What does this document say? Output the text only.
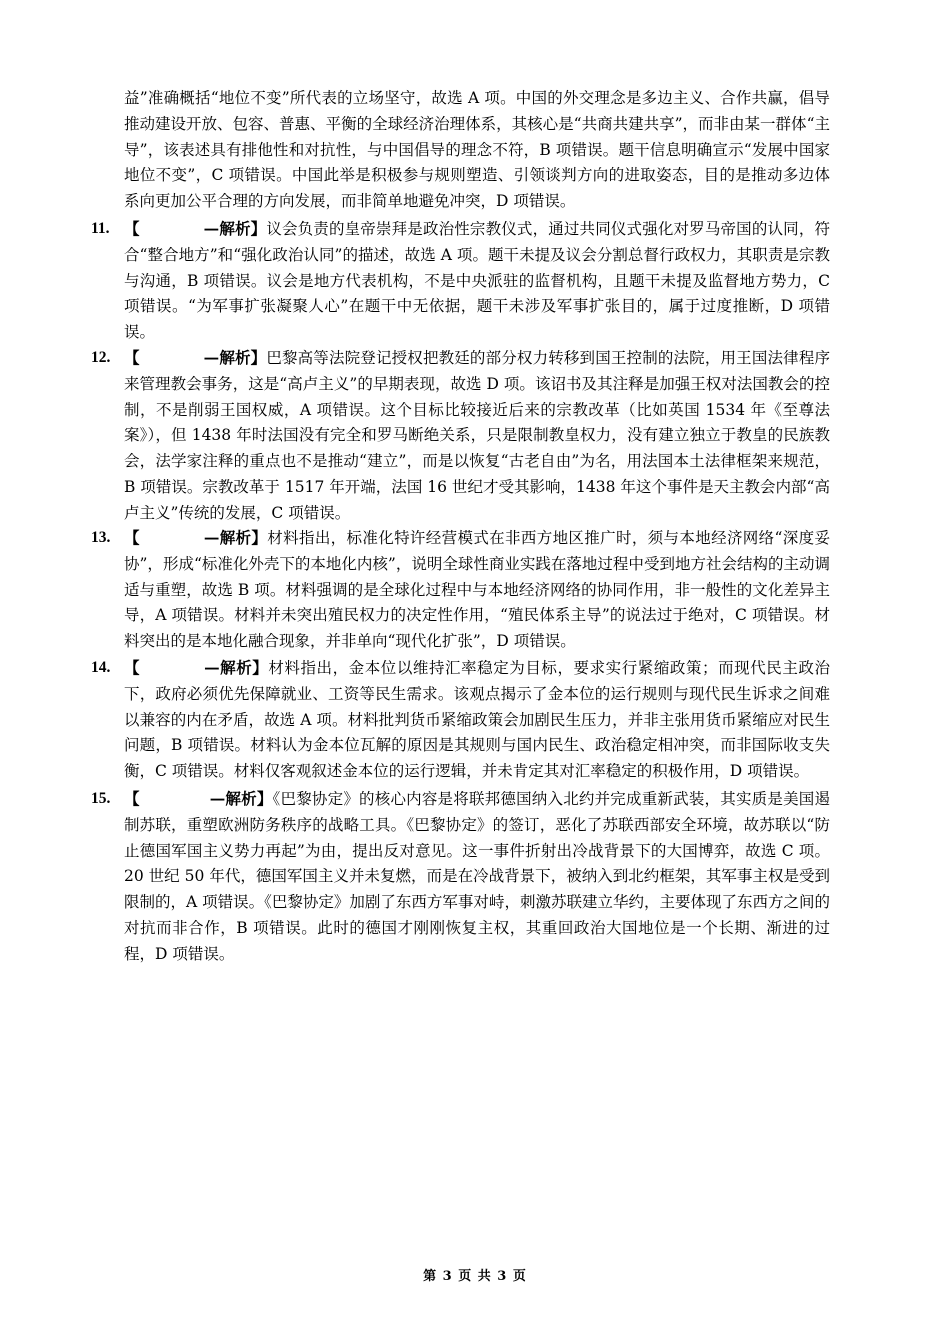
益”准确概括“地位不变”所代表的立场坚守，故选 A 项。中国的外交理念是多边主义、合作共赢，倡导推动建设开放、包容、普惠、平衡的全球经济治理体系，其核心是“共商共建共享”，而非由某一群体“主导”，该表述具有排他性和对抗性，与中国倡导的理念不符，B 项错误。题干信息明确宣示“发展中国家地位不变”，C 项错误。中国此举是积极参与规则塑造、引领谈判方向的进取姿态，目的是推动多边体系向更加公平合理的方向发展，而非简单地避免冲突，D 项错误。

11. 【	—解析】议会负责的皇帝崇拜是政治性宗教仪式，通过共同仪式强化对罗马帝国的认同，符合“整合地方”和“强化政治认同”的描述，故选 A 项。题干未提及议会分割总督行政权力，其职责是宗教与沟通，B 项错误。议会是地方代表机构，不是中央派驻的监督机构，且题干未提及监督地方势力，C 项错误。“为军事扩张凝聚人心”在题干中无依据，题干未涉及军事扩张目的，属于过度推断，D 项错误。

12. 【	—解析】巴黎高等法院登记授权把教廷的部分权力转移到国王控制的法院，用王国法律程序来管理教会事务，这是“高卢主义”的早期表现，故选 D 项。该诏书及其注释是加强王权对法国教会的控制，不是削弱王国权威，A 项错误。这个目标比较接近后来的宗教改革（比如英国 1534 年《至尊法案》），但 1438 年时法国没有完全和罗马断绝关系，只是限制教皇权力，没有建立独立于教皇的民族教会，法学家注释的重点也不是推动“建立”，而是以恢复“古老自由”为名，用法国本土法律框架来规范，B 项错误。宗教改革于 1517 年开端，法国 16 世纪才受其影响，1438 年这个事件是天主教会内部“高卢主义”传统的发展，C 项错误。

13. 【	—解析】材料指出，标准化特许经营模式在非西方地区推广时，须与本地经济网络“深度妥协”，形成“标准化外壳下的本地化内核”，说明全球性商业实践在落地过程中受到地方社会结构的主动调适与重塑，故选 B 项。材料强调的是全球化过程中与本地经济网络的协同作用，非一般性的文化差异主导，A 项错误。材料并未突出殖民权力的决定性作用，“殖民体系主导”的说法过于绝对，C 项错误。材料突出的是本地化融合现象，并非单向“现代化扩张”，D 项错误。

14. 【	—解析】材料指出，金本位以维持汇率稳定为目标，要求实行紧缩政策；而现代民主政治下，政府必须优先保障就业、工资等民生需求。该观点揭示了金本位的运行规则与现代民生诉求之间难以兼容的内在矛盾，故选 A 项。材料批判货币紧缩政策会加剧民生压力，并非主张用货币紧缩应对民生问题，B 项错误。材料认为金本位瓦解的原因是其规则与国内民生、政治稳定相冲突，而非国际收支失衡，C 项错误。材料仅客观叙述金本位的运行逻辑，并未肯定其对汇率稳定的积极作用，D 项错误。

15. 【	—解析】《巴黎协定》的核心内容是将联邦德国纳入北约并完成重新武装，其实质是美国遏制苏联，重塑欧洲防务秩序的战略工具。《巴黎协定》的签订，恶化了苏联西部安全环境，故苏联以“防止德国军国主义势力再起”为由，提出反对意见。这一事件折射出冷战背景下的大国博弈，故选 C 项。20 世纪 50 年代，德国军国主义并未复燃，而是在冷战背景下，被纳入到北约框架，其军事主权是受到限制的，A 项错误。《巴黎协定》加剧了东西方军事对峙，刺激苏联建立华约，主要体现了东西方之间的对抗而非合作，B 项错误。此时的德国才刚刚恢复主权，其重回政治大国地位是一个长期、渐进的过程，D 项错误。

第 3 页 共 3 页
